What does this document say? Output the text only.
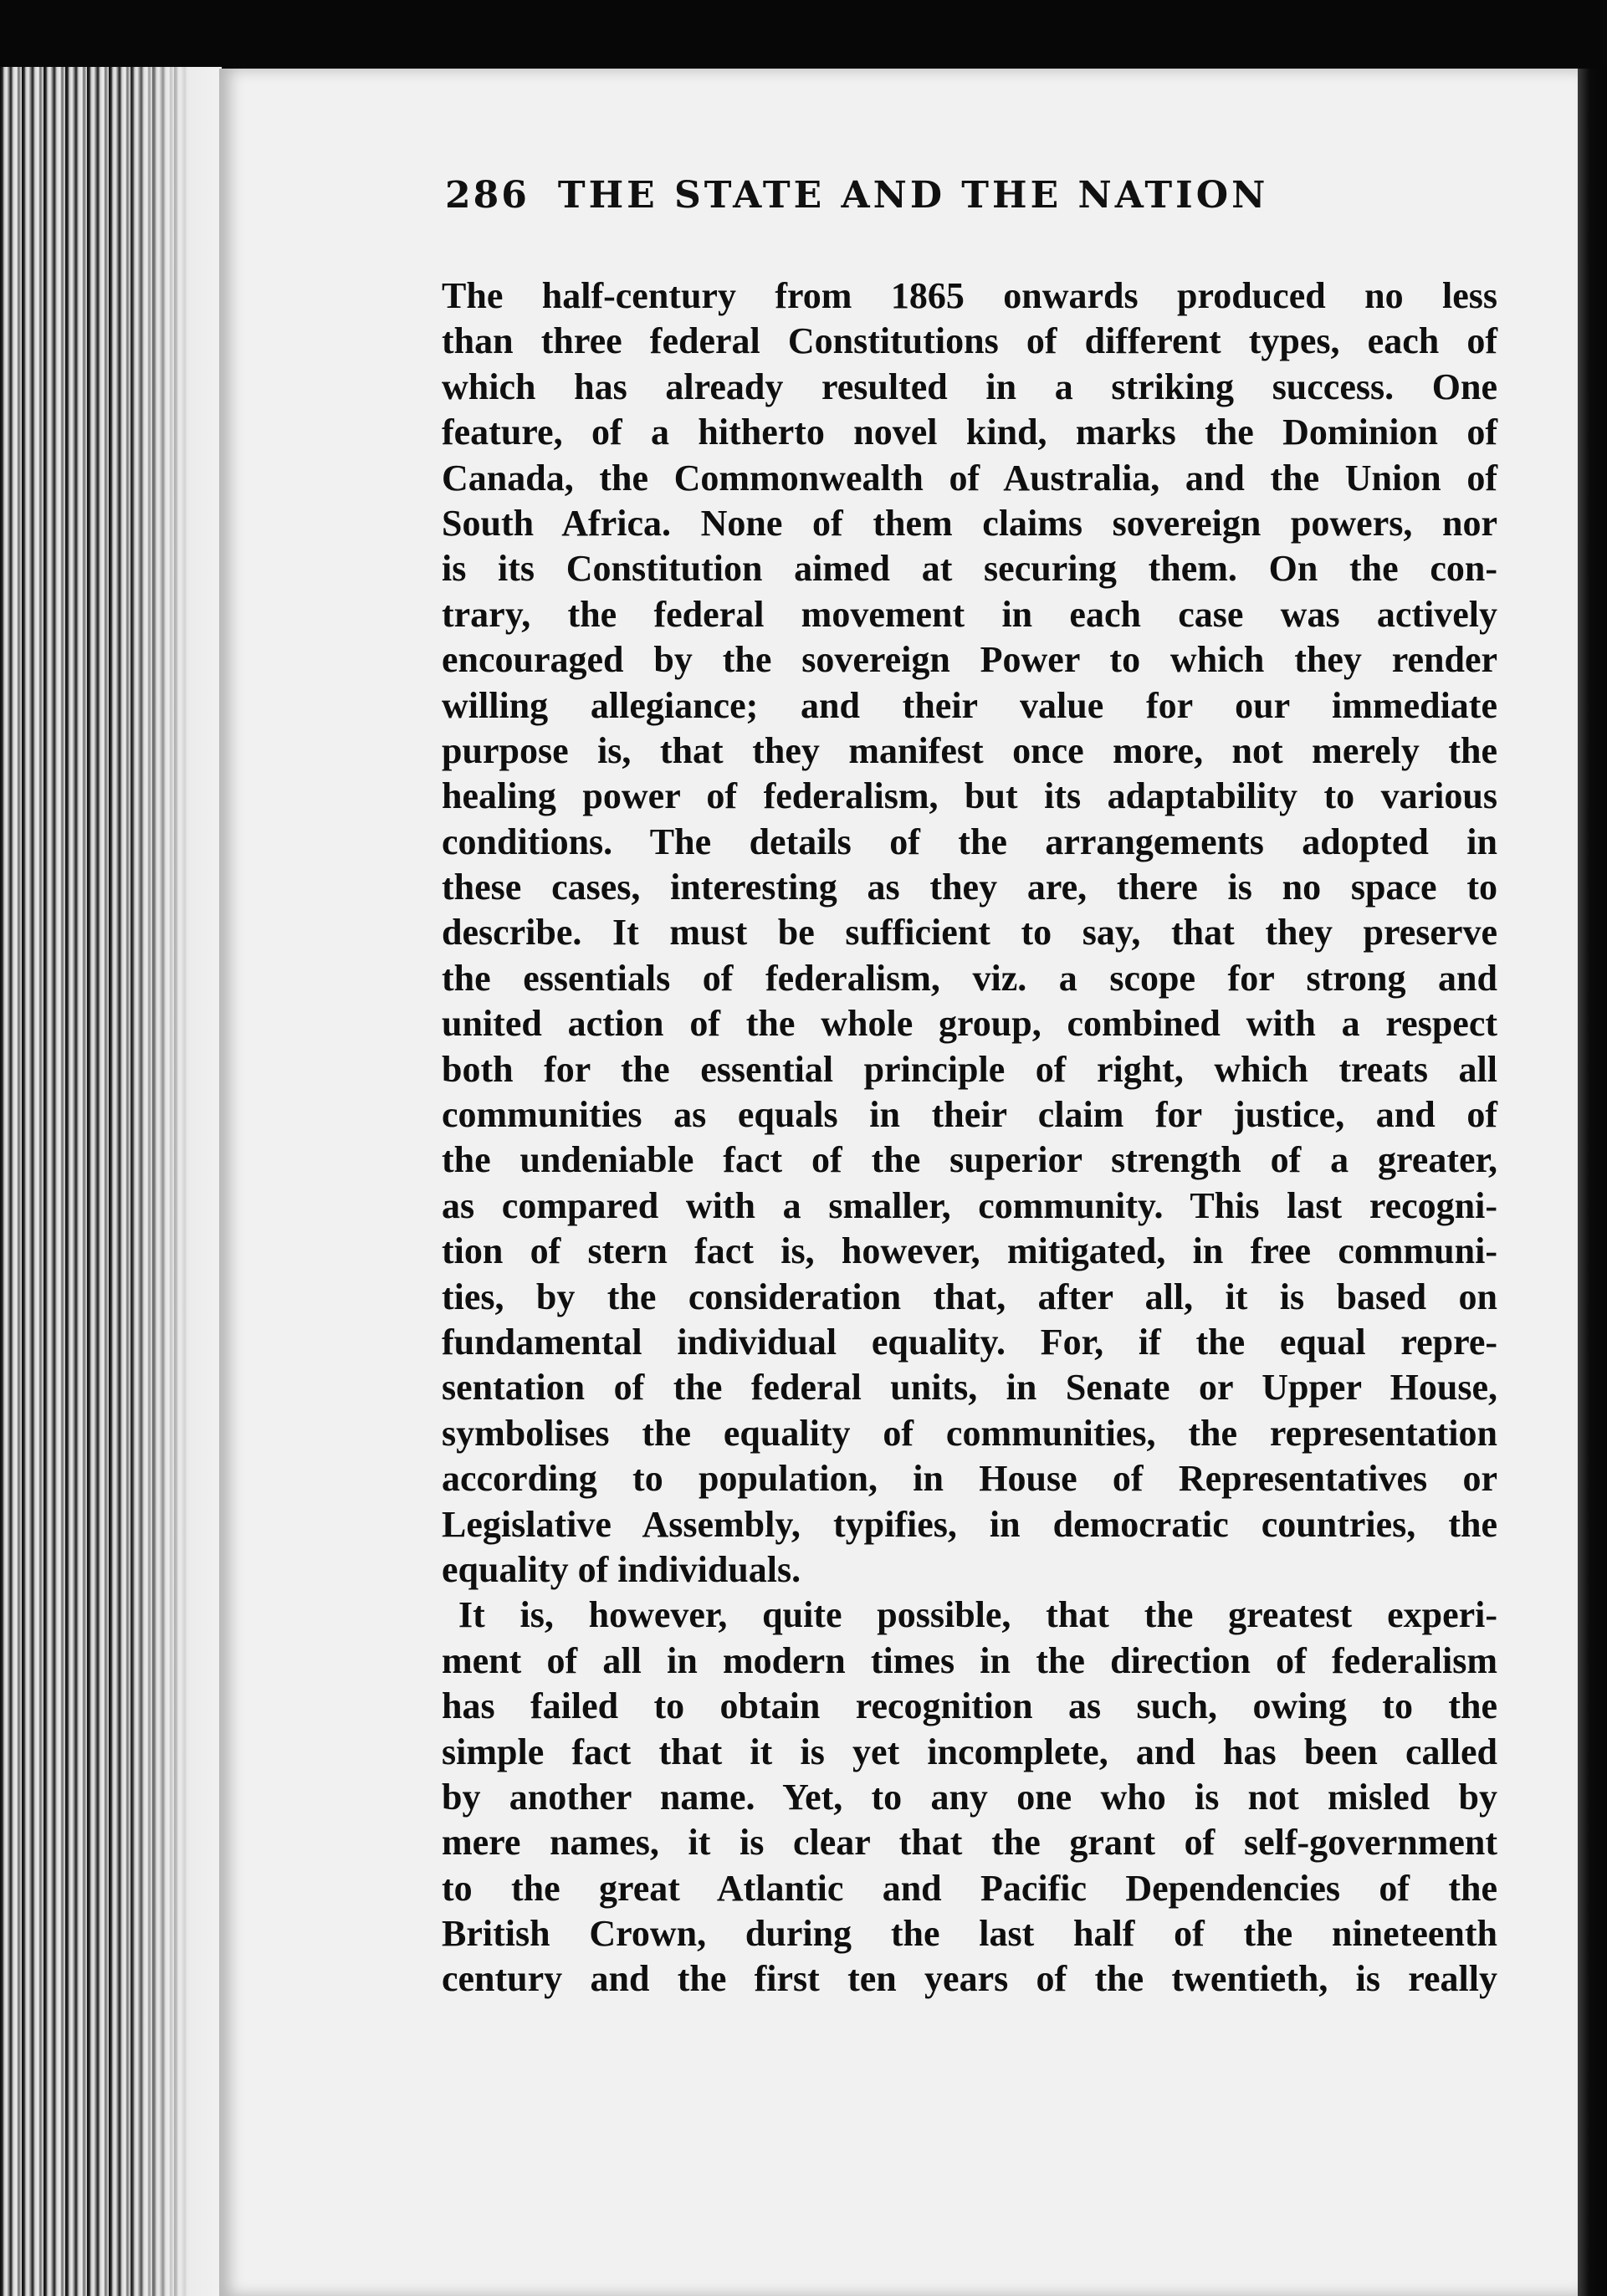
286 THE STATE AND THE NATION
The half-century from 1865 onwards produced no less
than three federal Constitutions of different types, each of
which has already resulted in a striking success. One
feature, of a hitherto novel kind, marks the Dominion of
Canada, the Commonwealth of Australia, and the Union of
South Africa. None of them claims sovereign powers, nor
is its Constitution aimed at securing them. On the con-
trary, the federal movement in each case was actively
encouraged by the sovereign Power to which they render
willing allegiance; and their value for our immediate
purpose is, that they manifest once more, not merely the
healing power of federalism, but its adaptability to various
conditions. The details of the arrangements adopted in
these cases, interesting as they are, there is no space to
describe. It must be sufficient to say, that they preserve
the essentials of federalism, viz. a scope for strong and
united action of the whole group, combined with a respect
both for the essential principle of right, which treats all
communities as equals in their claim for justice, and of
the undeniable fact of the superior strength of a greater,
as compared with a smaller, community. This last recogni-
tion of stern fact is, however, mitigated, in free communi-
ties, by the consideration that, after all, it is based on
fundamental individual equality. For, if the equal repre-
sentation of the federal units, in Senate or Upper House,
symbolises the equality of communities, the representation
according to population, in House of Representatives or
Legislative Assembly, typifies, in democratic countries, the
equality of individuals.
It is, however, quite possible, that the greatest experi-
ment of all in modern times in the direction of federalism
has failed to obtain recognition as such, owing to the
simple fact that it is yet incomplete, and has been called
by another name. Yet, to any one who is not misled by
mere names, it is clear that the grant of self-government
to the great Atlantic and Pacific Dependencies of the
British Crown, during the last half of the nineteenth
century and the first ten years of the twentieth, is really
